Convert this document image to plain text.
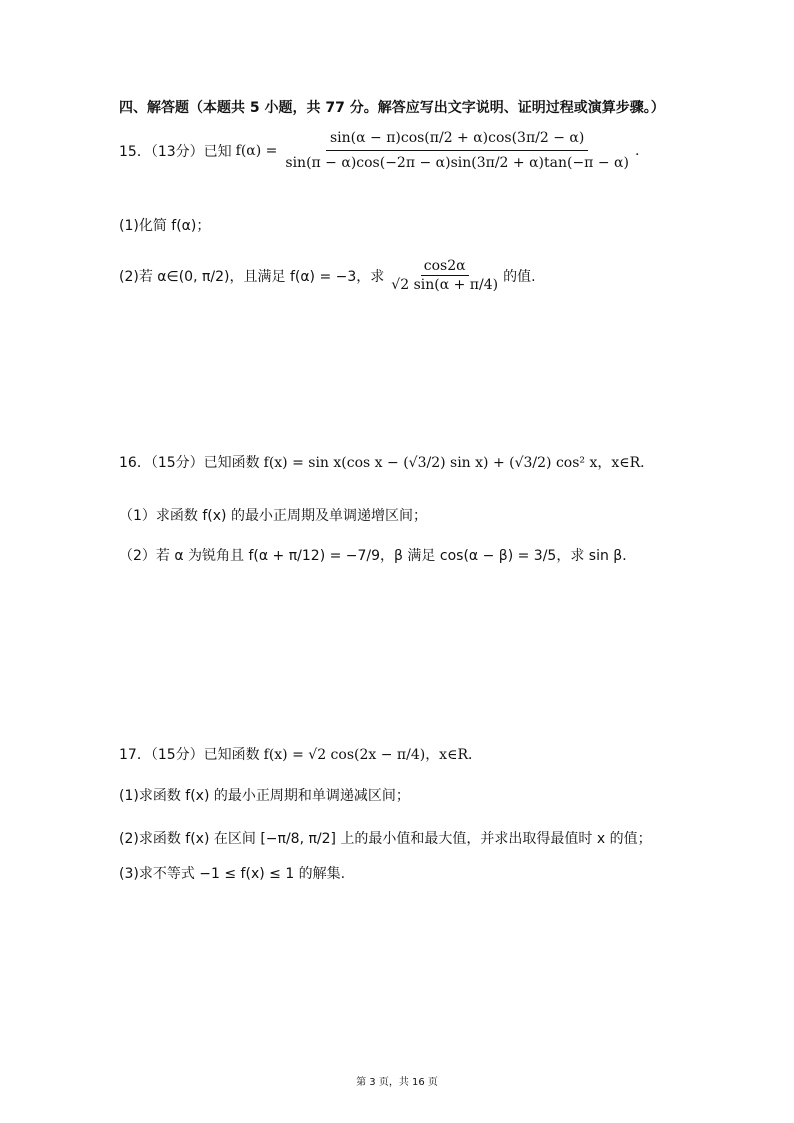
四、解答题（本题共 5 小题，共 77 分。解答应写出文字说明、证明过程或演算步骤。）
15．（13分）已知 $f(\alpha) = \frac{\sin(\alpha - \pi)\cos(\pi/2 + \alpha)\cos(3\pi/2 - \alpha)}{\sin(\pi - \alpha)\cos(-2\pi - \alpha)\sin(3\pi/2 + \alpha)\tan(-\pi - \alpha)}$ .
(1)化简 f(α)；
(2)若 α∈(0, π/2)，且满足 f(α) = −3，求 $\frac{\cos 2\alpha}{√2 \sin(\alpha + \pi/4)}$ 的值.
16．（15分）已知函数 f(x) = sin x(cos x − (√3/2) sin x) + (√3/2) cos² x，x∈R．
（1）求函数 f(x) 的最小正周期及单调递增区间；
（2）若 α 为锐角且 f(α + π/12) = −7/9，β 满足 cos(α − β) = 3/5，求 sin β．
17．（15分）已知函数 f(x) = √2 cos(2x − π/4)，x∈R．
(1)求函数 f(x) 的最小正周期和单调递减区间；
(2)求函数 f(x) 在区间 [−π/8, π/2] 上的最小值和最大值，并求出取得最值时 x 的值；
(3)求不等式 −1 ≤ f(x) ≤ 1 的解集.
第 3 页，共 16 页
